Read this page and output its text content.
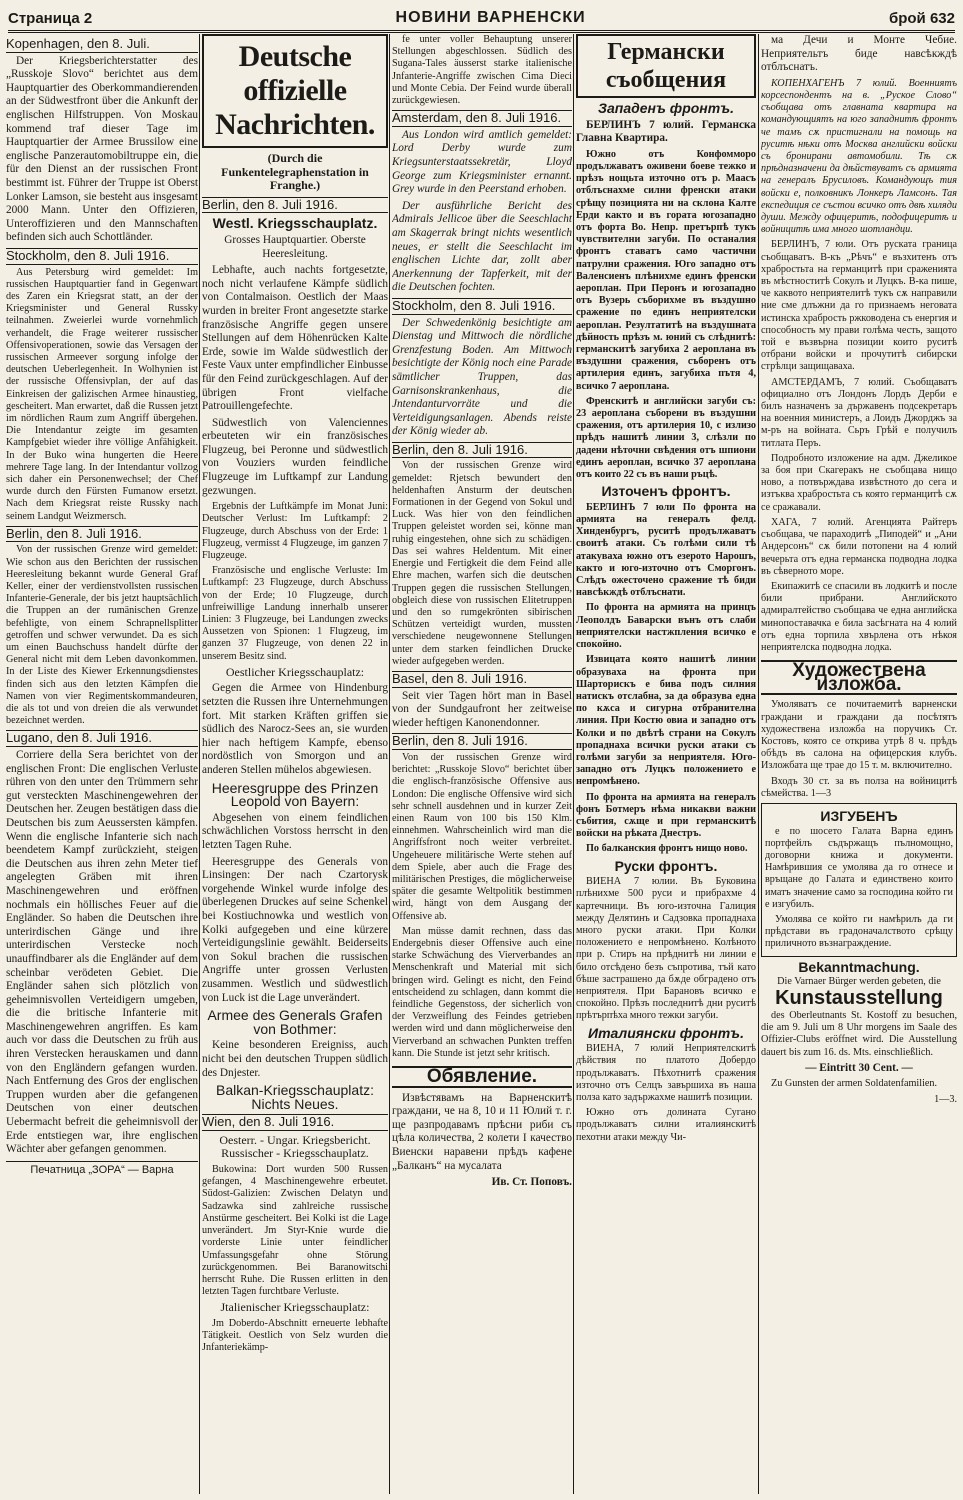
Страница 2	НОВИНИ ВАРНЕНСКИ	брой 632
Kopenhagen, den 8. Juli.

Der Kriegsberichterstatter des „Russkoje Slovo“ berichtet aus dem Hauptquartier des Oberkommandierenden an der Südwestfront über die Ankunft der englischen Hilfstruppen. Von Moskau kommend traf dieser Tage im Hauptquartier der Armee Brussilow eine englische Panzerautomobiltruppe ein, die für den Dienst an der russischen Front bestimmt ist. Führer der Truppe ist Oberst Lonker Lamson, sie besteht aus insgesamt 2000 Mann. Unter den Offizieren, Unteroffizieren und den Mannschaften befinden sich auch Schottländer.

Stockholm, den 8. Juli 1916.

Aus Petersburg wird gemeldet: Im russischen Hauptquartier fand in Gegenwart des Zaren ein Kriegsrat statt, an der der Kriegsminister und General Russky teilnahmen. Zweierlei wurde vornehmlich verhandelt, die Frage weiterer russischer Offensivoperationen, sowie das Versagen der russischen Armeever sorgung infolge der deutschen Ueberlegenheit. In Wolhynien ist der russische Offensivplan, der auf das Einkreisen der galizischen Armee hinaustieg, gescheitert. Man erwartet, daß die Russen jetzt im nördlichen Raum zum Angriff übergehen. Die Intendantur zeigte im gesamten Kampfgebiet wieder ihre völlige Anfähigkeit. In der Buko wina hungerten die Heere mehrere Tage lang. In der Intendantur vollzog sich daher ein Personenwechsel; der Chef wurde durch den Fürsten Fumanow ersetzt. Nach dem Kriegsrat reiste Russky nach seinem Landgut Weizmersch.

Berlin, den 8. Juli 1916.

Von der russischen Grenze wird gemeldet: Wie schon aus den Berichten der russischen Heeresleitung bekannt wurde General Graf Keller, einer der verdienstvollsten russischen Infanterie-Generale, der bis jetzt hauptsächlich die Truppen an der rumänischen Grenze befehligte, von einem Schrapnellsplitter getroffen und schwer verwundet. Da es sich um einen Bauchschuss handelt dürfte der General nicht mit dem Leben davonkommen. In der Liste des Kiewer Erkennungsdienstes finden sich aus den letzten Kämpfen die Namen von vier Regimentskommandeuren, die als tot und von dreien die als verwundet bezeichnet werden.

Lugano, den 8. Juli 1916.

Corriere della Sera berichtet von der englischen Front: Die englischen Verluste rühren von den unter den Trümmern sehr gut versteckten Maschinengewehren der Deutschen her. Zeugen bestätigen dass die Deutschen bis zum Aeussersten kämpfen. Wenn die englische Infanterie sich nach beendetem Kampf zurückzieht, steigen die Deutschen aus ihren zehn Meter tief angelegten Gräben mit ihren Maschinengewehren und eröffnen nochmals ein höllisches Feuer auf die Engländer. So haben die Deutschen ihre unterirdischen Gänge und ihre unterirdischen Verstecke noch unauffindbarer als die Engländer auf dem scheinbar verödeten Gebiet. Die Engländer sahen sich plötzlich von geheimnisvollen Verteidigern umgeben, die die britische Infanterie mit Maschinengewehren angriffen. Es kam auch vor dass die Deutschen zu früh aus ihren Verstecken herauskamen und dann von den Engländern gefangen wurden. Nach Entfernung des Gros der englischen Truppen wurden aber die gefangenen Deutschen von einer deutschen Uebermacht befreit die geheimnisvoll der Erde entstiegen war, ihre englischen Wächter aber gefangen genommen.

Печатница „ЗОРА“ — Варна
Deutsche offizielle Nachrichten.
(Durch die Funkentelegraphenstation in Franghe.)
Berlin, den 8. Juli 1916.
Westl. Kriegsschauplatz.

Grosses Hauptquartier. Oberste Heeresleitung.

Lebhafte, auch nachts fortgesetzte, noch nicht verlaufene Kämpfe südlich von Contalmaison. Oestlich der Maas wurden in breiter Front angesetzte starke französische Angriffe gegen unsere Stellungen auf dem Höhenrücken Kalte Erde, sowie im Walde südwestlich der Feste Vaux unter empfindlicher Einbusse für den Feind zurückgeschlagen. Auf der übrigen Front vielfache Patrouillengefechte.

Südwestlich von Valenciennes erbeuteten wir ein französisches Flugzeug, bei Peronne und südwestlich von Vouziers wurden feindliche Flugzeuge im Luftkampf zur Landung gezwungen.

Ergebnis der Luftkämpfe im Monat Juni: Deutscher Verlust: Im Luftkampf: 2 Flugzeuge, durch Abschuss von der Erde: 1 Flugzeug, vermisst 4 Flugzeuge, im ganzen 7 Flugzeuge.

Französische und englische Verluste: Im Luftkampf: 23 Flugzeuge, durch Abschuss von der Erde; 10 Flugzeuge, durch unfreiwillige Landung innerhalb unserer Linien: 3 Flugzeuge, bei Landungen zwecks Aussetzen von Spionen: 1 Flugzeug, im ganzen 37 Flugzeuge, von denen 22 in unserem Besitz sind.

Oestlicher Kriegsschauplatz:

Gegen die Armee von Hindenburg setzten die Russen ihre Unternehmungen fort. Mit starken Kräften griffen sie südlich des Narocz-Sees an, sie wurden hier nach heftigem Kampfe, ebenso nordöstlich von Smorgon und an anderen Stellen mühelos abgewiesen.

Heeresgruppe des Prinzen Leopold von Bayern:

Abgesehen von einem feindlichen schwächlichen Vorstoss herrscht in den letzten Tagen Ruhe.

Heeresgruppe des Generals von Linsingen: Der nach Czartorysk vorgehende Winkel wurde infolge des überlegenen Druckes auf seine Schenkel bei Kostiuchnowka und westlich von Kolki aufgegeben und eine kürzere Verteidigungslinie gewählt. Beiderseits von Sokul brachen die russischen Angriffe unter grossen Verlusten zusammen. Westlich und südwestlich von Luck ist die Lage unverändert.

Armee des Generals Grafen von Bothmer:

Keine besonderen Ereigniss, auch nicht bei den deutschen Truppen südlich des Dnjester.

Balkan-Kriegsschauplatz: Nichts Neues.
Wien, den 8. Juli 1916.
Oesterr. - Ungar. Kriegsbericht. Russischer - Kriegsschauplatz.

Bukowina: Dort wurden 500 Russen gefangen, 4 Maschinengewehre erbeutet. Südost-Galizien: Zwischen Delatyn und Sadzawka sind zahlreiche russische Anstürme gescheitert. Bei Kolki ist die Lage unverändert. Jm Styr-Knie wurde die vorderste Linie unter feindlicher Umfassungsgefahr ohne Störung zurückgenommen. Bei Baranowitschi herrscht Ruhe. Die Russen erlitten in den letzten Tagen furchtbare Verluste.

Jtalienischer Kriegsschauplatz:

Jm Doberdo-Abschnitt erneuerte lebhafte Tätigkeit. Oestlich von Selz wurden die Jnfanteriekämp-

fe unter voller Behauptung unserer Stellungen abgeschlossen. Südlich des Sugana-Tales äusserst starke italienische Jnfanterie-Angriffe zwischen Cima Dieci und Monte Cebia. Der Feind wurde überall zurückgewiesen.

Amsterdam, den 8. Juli 1916.

Aus London wird amtlich gemeldet: Lord Derby wurde zum Kriegsunterstaatssekretär, Lloyd George zum Kriegsminister ernannt. Grey wurde in den Peerstand erhoben.

Der ausführliche Bericht des Admirals Jellicoe über die Seeschlacht am Skagerrak bringt nichts wesentlich neues, er stellt die Seeschlacht im englischen Lichte dar, zollt aber Anerkennung der Tapferkeit, mit der die Deutschen fochten.

Stockholm, den 8. Juli 1916.

Der Schwedenkönig besichtigte am Dienstag und Mittwoch die nördliche Grenzfestung Boden. Am Mittwoch besichtigte der König noch eine Parade sämtlicher Truppen, das Garnisonskrankenhaus, die Jntendanturvorräte und die Verteidigungsanlagen. Abends reiste der König wieder ab.

Berlin, den 8. Juli 1916.

Von der russischen Grenze wird gemeldet: Rjetsch bewundert den heldenhaften Ansturm der deutschen Formationen in der Gegend von Sokul und Luck. Was hier von den feindlichen Truppen geleistet worden sei, könne man ruhig eingestehen, ohne sich zu schädigen. Das sei wahres Heldentum. Mit einer Energie und Fertigkeit die dem Feind alle Ehre machen, warfen sich die deutschen Truppen gegen die russischen Stellungen, obgleich diese von russischen Elitetruppen und den so rumgekrönten sibirischen Schützen verteidigt wurden, mussten verschiedene neugewonnene Stellungen unter dem starken feindlichen Drucke wieder aufgegeben werden.

Basel, den 8. Juli 1916.

Seit vier Tagen hört man in Basel von der Sundgaufront her zeitweise wieder heftigen Kanonendonner.

Berlin, den 8. Juli 1916.

Von der russischen Grenze wird berichtet: „Russkoje Slovo“ berichtet über die englisch-französische Offensive aus London: Die englische Offensive wird sich sehr schnell ausdehnen und in kurzer Zeit einen Raum von 100 bis 150 Klm. einnehmen. Wahrscheinlich wird man die Angriffsfront noch weiter verbreitet. Ungeheuere militärische Werte stehen auf dem Spiele, aber auch die Frage des militärischen Prestiges, die möglicherweise später die gesamte Weltpolitik bestimmen wird, hängt von dem Ausgang der Offensive ab.

Man müsse damit rechnen, dass das Endergebnis dieser Offensive auch eine starke Schwächung des Vierverbandes an Menschenkraft und Material mit sich bringen wird. Gelingt es nicht, den Feind entscheidend zu schlagen, dann kommt die feindliche Gegenstoss, der sicherlich von der Verzweiflung des Feindes getrieben werden wird und dann möglicherweise den Vierverband an schwachen Punkten treffen kann. Die Stunde ist jetzt sehr kritisch.

Обявление.

Извѣстявамъ на Варненскитѣ граждани, че на 8, 10 и 11 Юлий т. г. ще разпродавамъ прѣсни риби съ цѣла количества, 2 колети I качество Виенски наравени прѣдъ кафене „Балканъ“ на мусалата

Ив. Ст. Поповъ.

Германски съобщения
Западенъ фронтъ.

БЕРЛИНЪ 7 юлий. Германска Главна Квартира.

Южно отъ Конфомморо продължаватъ оживени боеве тежко и прѣзъ нощьта източно отъ р. Маасъ отблъснахме силни френски атаки срѣщу позицията ни на склона Калте Ерди както и въ гората югозападно отъ форта Во. Непр. претърпѣ тукъ чувствителни загуби. По останалия фронтъ ставатъ само частични патрулни сражения. Юго западно отъ Валенсиенъ плѣнихме единъ френски аероплан. При Перонъ и югозападно отъ Вузерь съборихме въ въздушно сражение по единъ неприятелски аероплан. Резултатитѣ на въздушната дѣйность прѣзъ м. юний съ слѣднитѣ: германскитѣ загубиха 2 аероплана въ въздушни сражения, съборенъ отъ артилерия единъ, загубиха пътя 4, всичко 7 аероплана.

Френскитѣ и английски загуби съ: 23 аероплана съборени въ въздушни сражения, отъ артилерия 10, с излизо прѣдъ нашитѣ линии 3, слѣзли по дадени нѣточни свѣдения отъ шпиони единъ аероплан, всичко 37 аероплана отъ които 22 съ въ наши ръцѣ.

Източенъ фронтъ.

БЕРЛИНЪ 7 юли По фронта на армията на генералъ фелд. Хинденбургъ, руситѣ продължаватъ своитѣ атаки. Съ голѣми сили тѣ атакуваха южно отъ езерото Нарошъ, както и юго-източно отъ Сморгонъ. Слѣдъ ожесточено сражение тѣ биди навсѣкждѣ отблъснати.

По фронта на армията на принцъ Леополдъ Баварски вънъ отъ слаби неприятелски настжпления всичко е спокойно.

Извицата която нашитѣ линии образуваха на фронта при Шарторискъ е бива подъ силния натискъ отслабна, за да образува една по кѫса и сигурна отбранителна линия. При Костю овиа и западно отъ Колки и по двѣтѣ страни на Сокулъ пропаднаха всички руски атаки съ голѣми загуби за неприятеля. Юго-западно отъ Луцкъ положението е непромѣнено.

По фронта на армията на генералъ фонъ Ботмеръ нѣма никакви важни събития, сѫще и при германскитѣ войски на рѣката Днестръ.

По балканския фронтъ нищо ново.

Руски фронтъ.

ВИЕНА 7 юлии. Въ Буковина плѣнихме 500 руси и прибрахме 4 картечници. Въ юго-източна Галиция между Делятинъ и Садзовка пропаднаха много руски атаки. При Колки положението е непромѣнено. Колѣното при р. Стиръ на прѣднитѣ ни линии е било отсѣдено безъ съпротива, тъй като бѣше застрашено да бѫде обградено отъ неприятеля. При Барановъ всичко е спокойно. Прѣзъ последнитѣ дни руситѣ прѣтърпѣха много тежки загуби.

Италиянски фронтъ.

ВИЕНА, 7 юлий Неприятелскитѣ дѣйствия по платото Добердо продължаватъ. Пѣхотнитѣ сражения източно отъ Селцъ завършиха въ наша полза като задържахме нашитѣ позиции.

Южно отъ долината Сугано продължаватъ силни италиянскитѣ пехотни атаки между Чи-

ма Дечи и Монте Чебие. Неприятельтъ биде навсѣкждѣ отблъснатъ.

КОПЕНХАГЕНЪ 7 юлий. Военниятъ корсеспондентъ на в. „Руское Слово“ съобщава отъ главната квартира на командующиятъ на юго западнитѣ фронтъ че тамъ сѫ пристигнали на помощь на руситѣ нѣки отъ Москва английски войски съ бронирани автомобили. Тѣ сѫ прѣдназначени да дѣйствуватъ съ армията на генералъ Брусиловъ. Командующъ тия войски е, полковникъ Лонкеръ Ламсонъ. Тая експедиция се състои всичко отъ двѣ хиляди души. Между офицеритѣ, подофицеритѣ и войницитѣ има много шотландци.

БЕРЛИНЪ, 7 юли. Отъ руската граница съобщаватъ. В-къ „Рѣчъ“ е възхитенъ отъ храбростьта на германцитѣ при сраженията въ мѣстноститѣ Сокулъ и Луцкъ. В-ка пише, че каквото неприятелитѣ тукъ сѫ направили ние сме длъжни да го признаемъ неговата истинска храбрость ржководена съ енергия и способность му прави голѣма честь, защото той е възвърна позиции които руситѣ отбрани войски и прочутитѣ сибирски стрѣлци защищаваха.

АМСТЕРДАМЪ, 7 юлий. Съобщаватъ официално отъ Лондонъ Лордъ Дерби е билъ назначенъ за държавенъ подсекретаръ на военния министеръ, а Лоидъ Джорджъ за м-ръ на войната. Сьръ Грѣй е получилъ титлата Перъ.

Подробното изложение на адм. Джеликое за боя при Скагеракъ не съобщава нищо ново, а потвърждава извѣстното до сега и изтъква храбростьта съ която германцитѣ сѫ се сражавали.

ХАГА, 7 юлий. Агенцията Райтеръ съобщава, че параходитѣ „Пиподей“ и „Ани Андерсонъ“ сѫ били потопени на 4 юлий вечерьта отъ една германска подводна лодка въ сѣверното море.

Екипажитѣ се спасили въ лодкитѣ и после били прибрани. Английското адмиралтейство съобщава че една английска минопоставачка е била засѣгната на 4 юлий отъ една торпила хвърлена отъ нѣкоя неприятелска подводна лодка.

Художествена изложба.

Умоляватъ се почитаемитѣ варненски граждани и граждани да посѣтятъ художествена изложба на поручикъ Ст. Костовъ, която се открива утрѣ 8 ч. прѣдъ обѣдъ въ салона на офицерския клубъ. Изложбата ще трае до 15 т. м. включително.

Входъ 30 ст. за въ полза на войницитѣ сѣмейства. 1—3

ИЗГУБЕНЪ

е по шосето Галата Варна единъ портфейлъ съдържащъ пълномощно, договорни книжа и документи. Намѣрившия се умолява да го отнесе и връщане до Галата и единствено които иматъ значение само за господина който ги е изгубилъ.

Умолява се който ги намѣрилъ да ги прѣдстави въ градоначалството срѣщу приличното възнаграждение.

Bekanntmachung.

Die Varnaer Bürger werden gebeten, die

Kunstausstellung

des Oberleutnants St. Kostoff zu besuchen, die am 9. Juli um 8 Uhr morgens im Saale des Offizier-Clubs eröffnet wird. Die Ausstellung dauert bis zum 16. ds. Mts. einschließlich.

— Eintritt 30 Cent. —

Zu Gunsten der armen Soldatenfamilien.

1—3.
